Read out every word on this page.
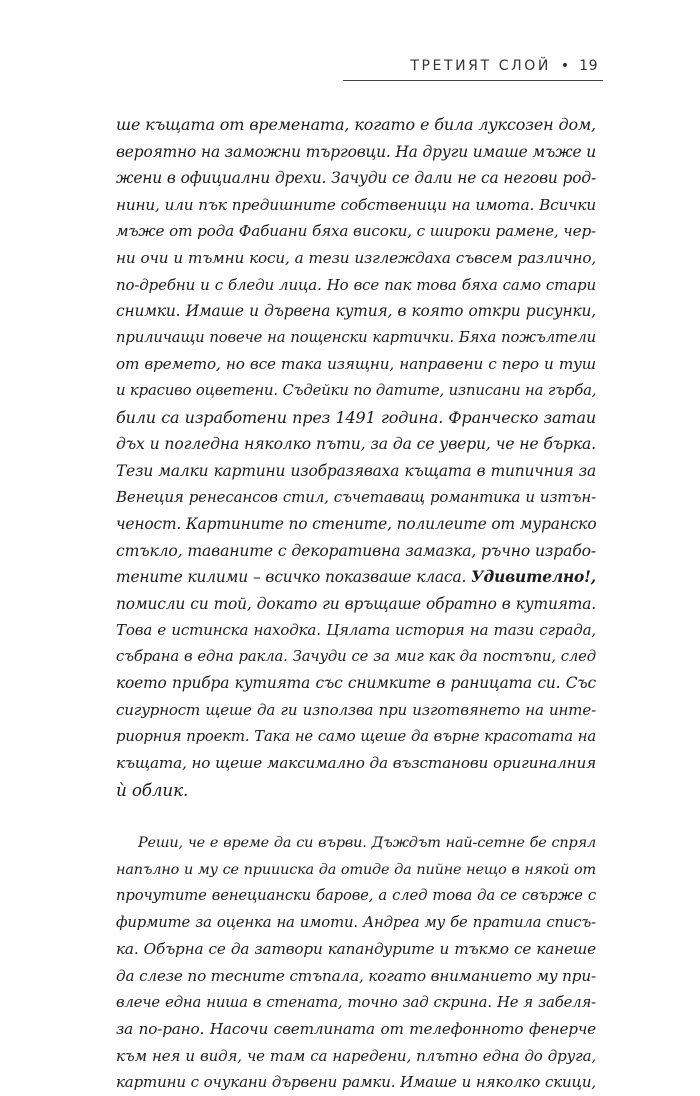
ТРЕТИЯТ СЛОЙ • 19
ше къщата от времената, когато е била луксозен дом,
вероятно на заможни търговци. На други имаше мъже и
жени в официални дрехи. Зачуди се дали не са негови род-
нини, или пък предишните собственици на имота. Всички
мъже от рода Фабиани бяха високи, с широки рамене, чер-
ни очи и тъмни коси, а тези изглеждаха съвсем различно,
по-дребни и с бледи лица. Но все пак това бяха само стари
снимки. Имаше и дървена кутия, в която откри рисунки,
приличащи повече на пощенски картички. Бяха пожълтели
от времето, но все така изящни, направени с перо и туш
и красиво оцветени. Съдейки по датите, изписани на гърба,
били са изработени през 1491 година. Франческо затаи
дъх и погледна няколко пъти, за да се увери, че не бърка.
Тези малки картини изобразяваха къщата в типичния за
Венеция ренесансов стил, съчетаващ романтика и изтън-
ченост. Картините по стените, полилеите от муранско
стъкло, таваните с декоративна замазка, ръчно израбо-
тените килими – всичко показваше класа. Удивително!,
помисли си той, докато ги връщаше обратно в кутията.
Това е истинска находка. Цялата история на тази сграда,
събрана в една ракла. Зачуди се за миг как да постъпи, след
което прибра кутията със снимките в раницата си. Със
сигурност щеше да ги използва при изготвянето на инте-
риорния проект. Така не само щеше да върне красотата на
къщата, но щеше максимално да възстанови оригиналния
ѝ облик.
Реши, че е време да си върви. Дъждът най-сетне бе спрял
напълно и му се приииска да отиде да пийне нещо в някой от
прочутите венециански барове, а след това да се свърже с
фирмите за оценка на имоти. Андреа му бе пратила списъ-
ка. Обърна се да затвори капандурите и тъкмо се канеше
да слезе по тесните стъпала, когато вниманието му при-
влече една ниша в стената, точно зад скрина. Не я забеля-
за по-рано. Насочи светлината от телефонното фенерче
към нея и видя, че там са наредени, плътно една до друга,
картини с очукани дървени рамки. Имаше и няколко скици,
